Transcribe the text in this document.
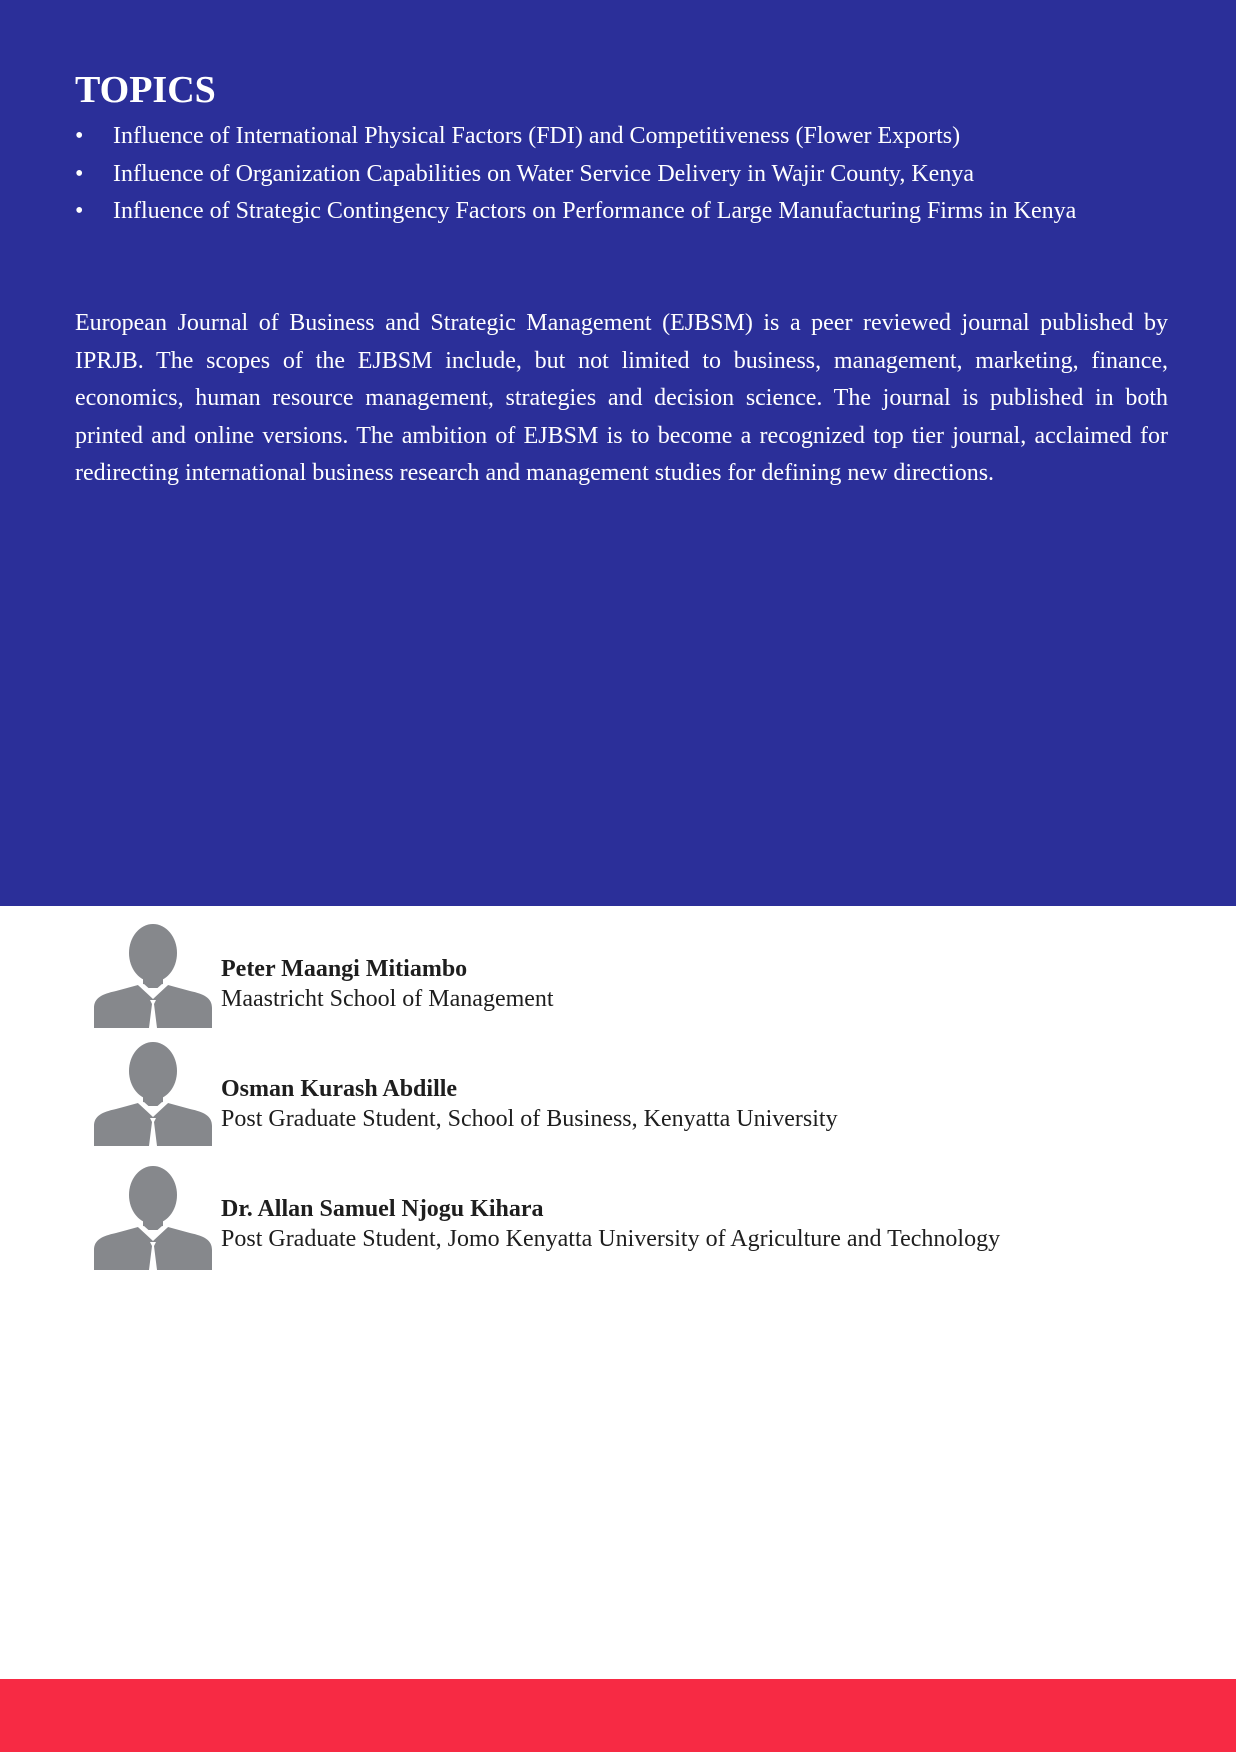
TOPICS
• Influence of International Physical Factors (FDI) and Competitiveness (Flower Exports)
• Influence of Organization Capabilities on Water Service Delivery in Wajir County, Kenya
• Influence of Strategic Contingency Factors on Performance of Large Manufacturing Firms in Kenya

European Journal of Business and Strategic Management (EJBSM) is a peer reviewed journal published by IPRJB. The scopes of the EJBSM include, but not limited to business, management, marketing, finance, economics, human resource management, strategies and decision science. The journal is published in both printed and online versions. The ambition of EJBSM is to become a recognized top tier journal, acclaimed for redirecting international business research and management studies for defining new directions.

Peter Maangi Mitiambo
Maastricht School of Management
Osman Kurash Abdille
Post Graduate Student, School of Business, Kenyatta University
Dr. Allan Samuel Njogu Kihara
Post Graduate Student, Jomo Kenyatta University of Agriculture and Technology
